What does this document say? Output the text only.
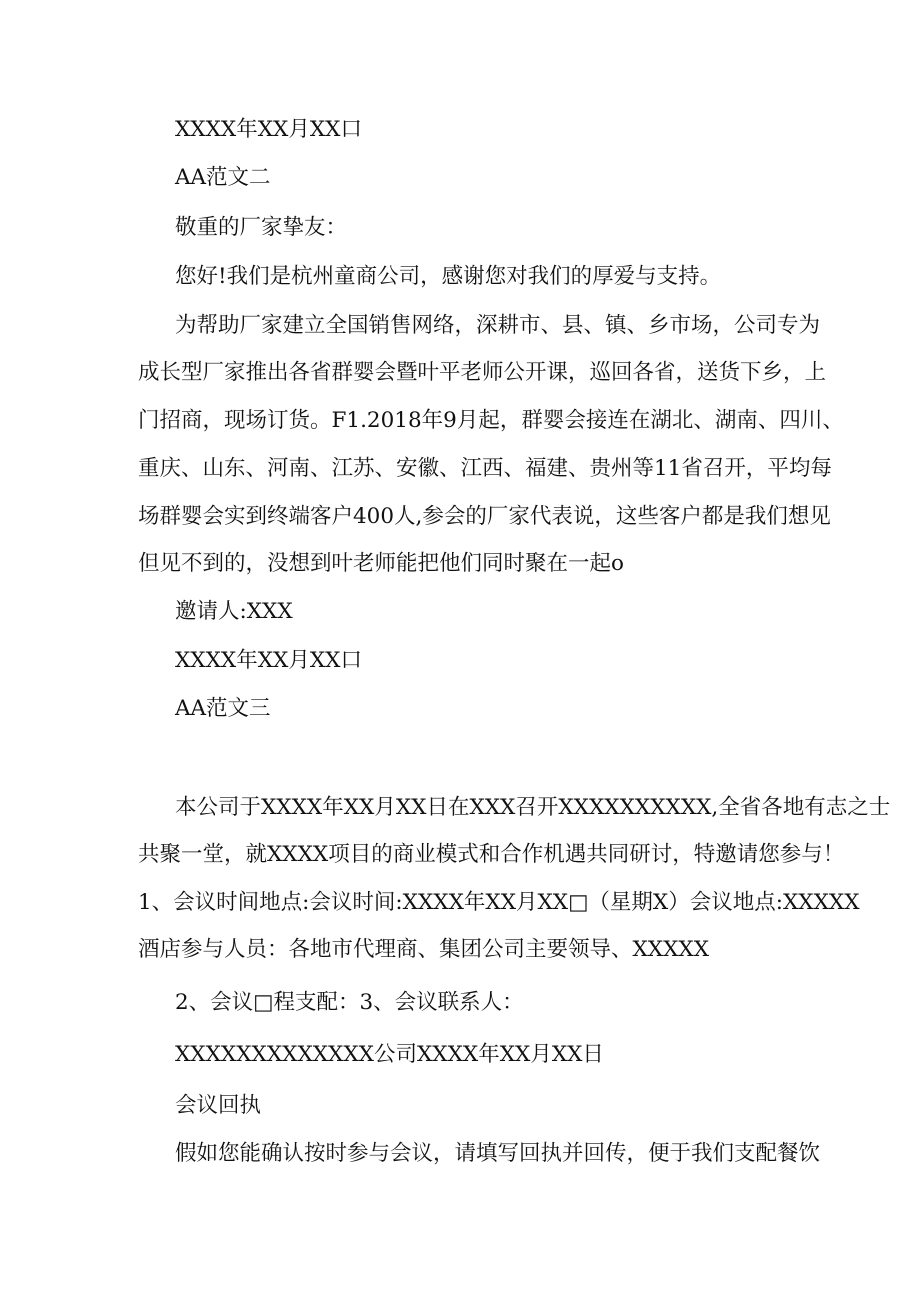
XXXX年XX月XX口
AA范文二
敬重的厂家挚友：
您好!我们是杭州童商公司，感谢您对我们的厚爱与支持。
为帮助厂家建立全国销售网络，深耕市、县、镇、乡市场，公司专为
成长型厂家推出各省群婴会暨叶平老师公开课，巡回各省，送货下乡，上
门招商，现场订货。F1.2018年9月起，群婴会接连在湖北、湖南、四川、
重庆、山东、河南、江苏、安徽、江西、福建、贵州等11省召开，平均每
场群婴会实到终端客户400人,参会的厂家代表说，这些客户都是我们想见
但见不到的，没想到叶老师能把他们同时聚在一起o
邀请人:XXX
XXXX年XX月XX口
AA范文三
本公司于XXXX年XX月XX日在XXX召开XXXXXXXXXX,全省各地有志之士
共聚一堂，就XXXX项目的商业模式和合作机遇共同研讨，特邀请您参与！
1、会议时间地点:会议时间:XXXX年XX月XX□（星期X）会议地点:XXXXX
酒店参与人员：各地市代理商、集团公司主要领导、XXXXX
2、会议□程支配：3、会议联系人：
XXXXXXXXXXXXX公司XXXX年XX月XX日
会议回执
假如您能确认按时参与会议，请填写回执并回传，便于我们支配餐饮
